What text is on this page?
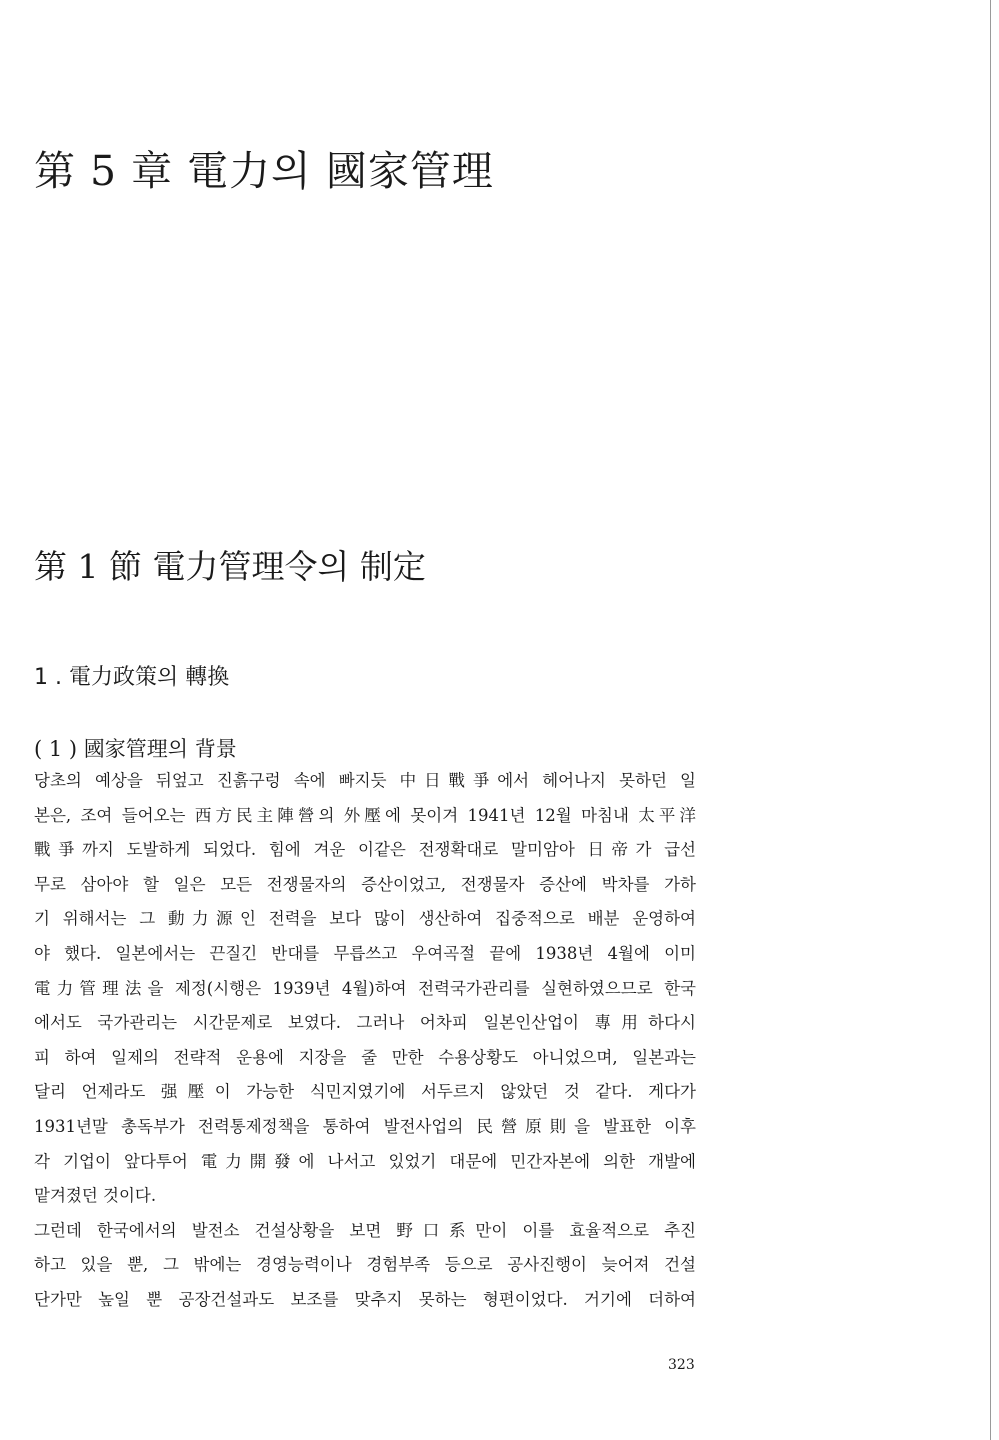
第 5 章 電力의 國家管理
第 1 節 電力管理令의 制定
1 . 電力政策의 轉換
( 1 ) 國家管理의 背景
당초의 예상을 뒤엎고 진흙구렁 속에 빠지듯 中日戰爭에서 헤어나지 못하던 일
본은, 조여 들어오는 西方民主陣營의 外壓에 못이겨 1941년 12월 마침내 太平洋
戰爭까지 도발하게 되었다. 힘에 겨운 이같은 전쟁확대로 말미암아 日帝가 급선
무로 삼아야 할 일은 모든 전쟁물자의 증산이었고, 전쟁물자 증산에 박차를 가하
기 위해서는 그 動力源인 전력을 보다 많이 생산하여 집중적으로 배분 운영하여
야 했다. 일본에서는 끈질긴 반대를 무릅쓰고 우여곡절 끝에 1938년 4월에 이미
電力管理法을 제정(시행은 1939년 4월)하여 전력국가관리를 실현하였으므로 한국
에서도 국가관리는 시간문제로 보였다. 그러나 어차피 일본인산업이 專用하다시
피 하여 일제의 전략적 운용에 지장을 줄 만한 수용상황도 아니었으며, 일본과는
달리 언제라도 强壓이 가능한 식민지였기에 서두르지 않았던 것 같다. 게다가
1931년말 총독부가 전력통제정책을 통하여 발전사업의 民營原則을 발표한 이후
각 기업이 앞다투어 電力開發에 나서고 있었기 대문에 민간자본에 의한 개발에
맡겨졌던 것이다.
그런데 한국에서의 발전소 건설상황을 보면 野口系만이 이를 효율적으로 추진
하고 있을 뿐, 그 밖에는 경영능력이나 경험부족 등으로 공사진행이 늦어져 건설
단가만 높일 뿐 공장건설과도 보조를 맞추지 못하는 형편이었다. 거기에 더하여

323
